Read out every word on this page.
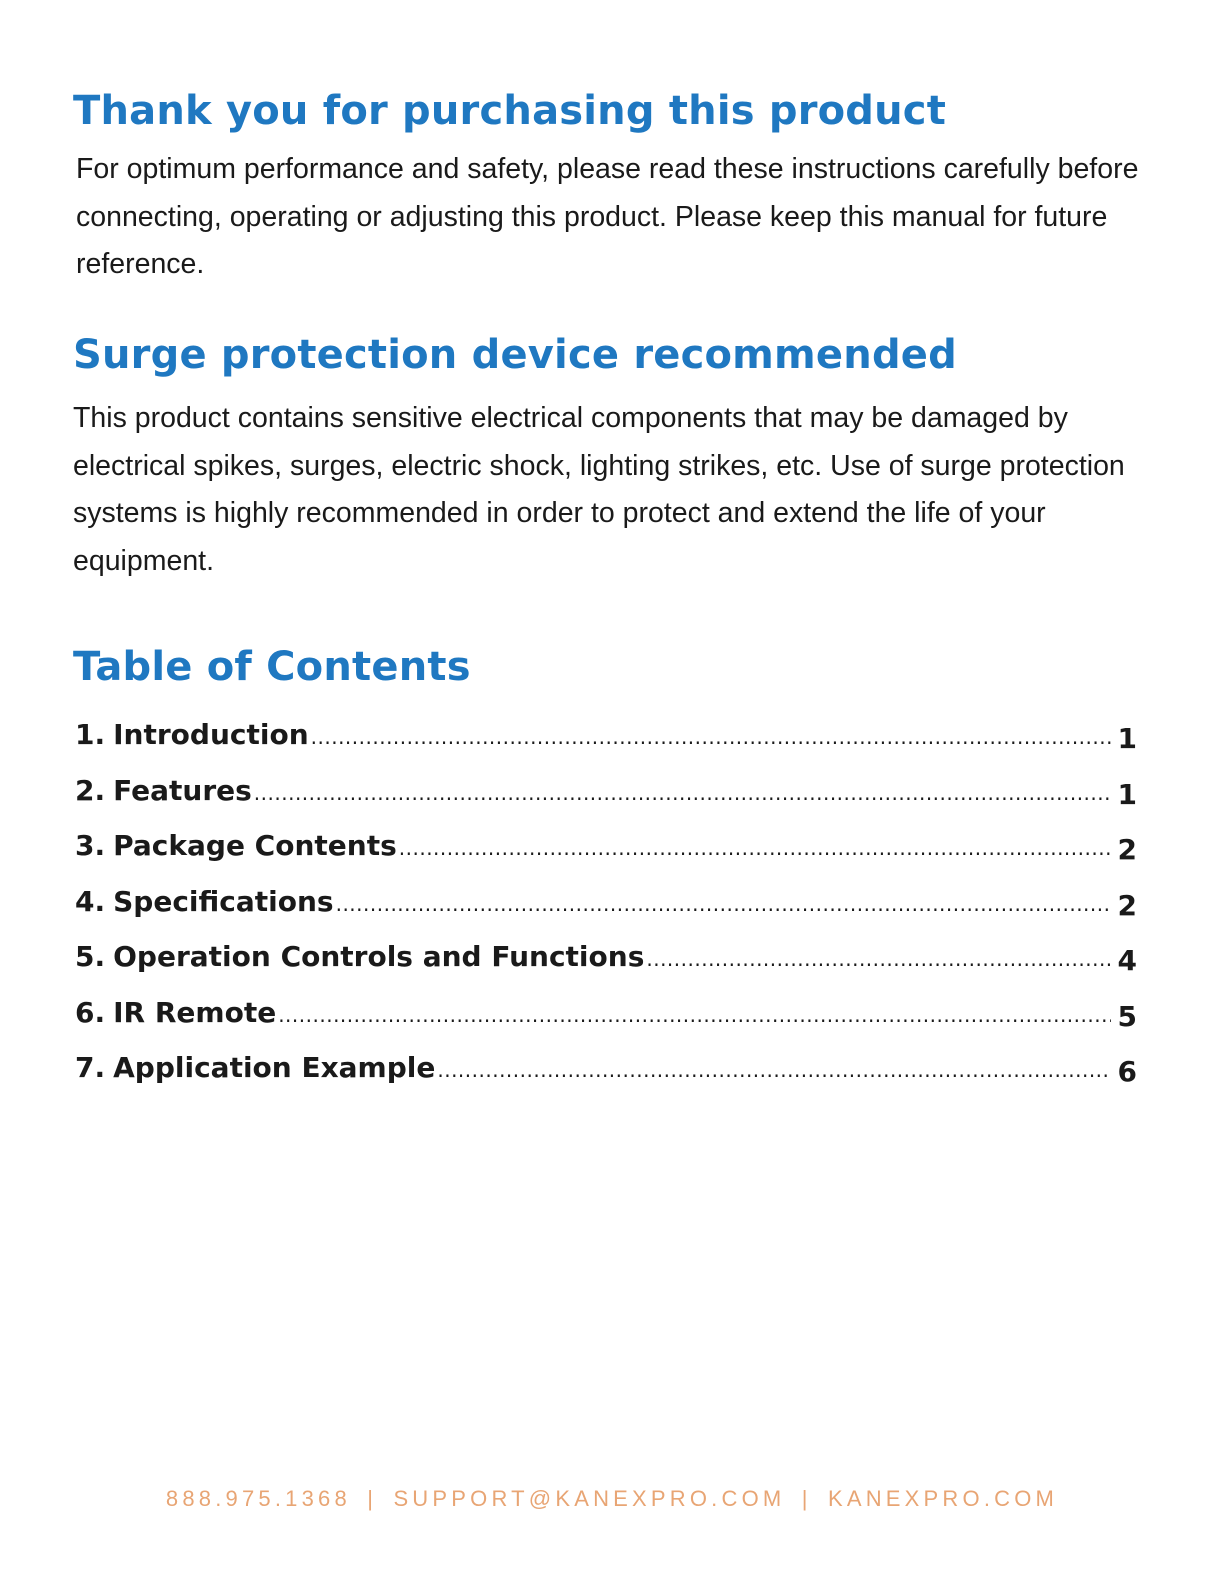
Thank you for purchasing this product

For optimum performance and safety, please read these instructions carefully before connecting, operating or adjusting this product. Please keep this manual for future reference.

Surge protection device recommended

This product contains sensitive electrical components that may be damaged by electrical spikes, surges, electric shock, lighting strikes, etc. Use of surge protection systems is highly recommended in order to protect and extend the life of your equipment.

Table of Contents
1. Introduction .....	1
2. Features .....	1
3. Package Contents .....	2
4. Specifications .....	2
5. Operation Controls and Functions .....	4
6. IR Remote .....	5
7. Application Example .....	6
888.975.1368 | SUPPORT@KANEXPRO.COM | KANEXPRO.COM
